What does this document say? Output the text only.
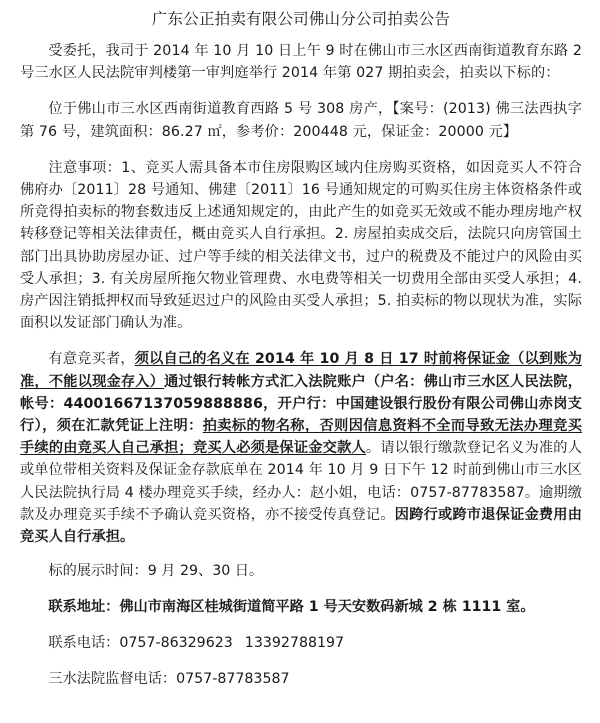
广东公正拍卖有限公司佛山分公司拍卖公告

受委托，我司于 2014 年 10 月 10 日上午 9 时在佛山市三水区西南街道教育东路 2 号三水区人民法院审判楼第一审判庭举行 2014 年第 027 期拍卖会，拍卖以下标的：

位于佛山市三水区西南街道教育西路 5 号 308 房产，【案号：(2013) 佛三法西执字第 76 号，建筑面积：86.27 ㎡，参考价：200448 元，保证金：20000 元】

注意事项：1、竞买人需具备本市住房限购区域内住房购买资格，如因竞买人不符合佛府办〔2011〕28 号通知、佛建〔2011〕16 号通知规定的可购买住房主体资格条件或所竞得拍卖标的物套数违反上述通知规定的，由此产生的如竞买无效或不能办理房地产权转移登记等相关法律责任，概由竞买人自行承担。2. 房屋拍卖成交后，法院只向房管国土部门出具协助房屋办证、过户等手续的相关法律文书，过户的税费及不能过户的风险由买受人承担；3. 有关房屋所拖欠物业管理费、水电费等相关一切费用全部由买受人承担；4. 房产因注销抵押权而导致延迟过户的风险由买受人承担；5. 拍卖标的物以现状为准，实际面积以发证部门确认为准。

有意竞买者，须以自己的名义在 2014 年 10 月 8 日 17 时前将保证金（以到账为准，不能以现金存入）通过银行转帐方式汇入法院账户（户名：佛山市三水区人民法院，帐号：44001667137059888886，开户行：中国建设银行股份有限公司佛山赤岗支行），须在汇款凭证上注明：拍卖标的物名称，否则因信息资料不全而导致无法办理竞买手续的由竞买人自己承担；竞买人必须是保证金交款人。请以银行缴款登记名义为准的人或单位带相关资料及保证金存款底单在 2014 年 10 月 9 日下午 12 时前到佛山市三水区人民法院执行局 4 楼办理竞买手续，经办人：赵小姐，电话：0757-87783587。逾期缴款及办理竞买手续不予确认竞买资格，亦不接受传真登记。因跨行或跨市退保证金费用由竞买人自行承担。

标的展示时间：9 月 29、30 日。
联系地址：佛山市南海区桂城街道简平路 1 号天安数码新城 2 栋 1111 室。
联系电话：0757-86329623 13392788197
三水法院监督电话：0757-87783587
